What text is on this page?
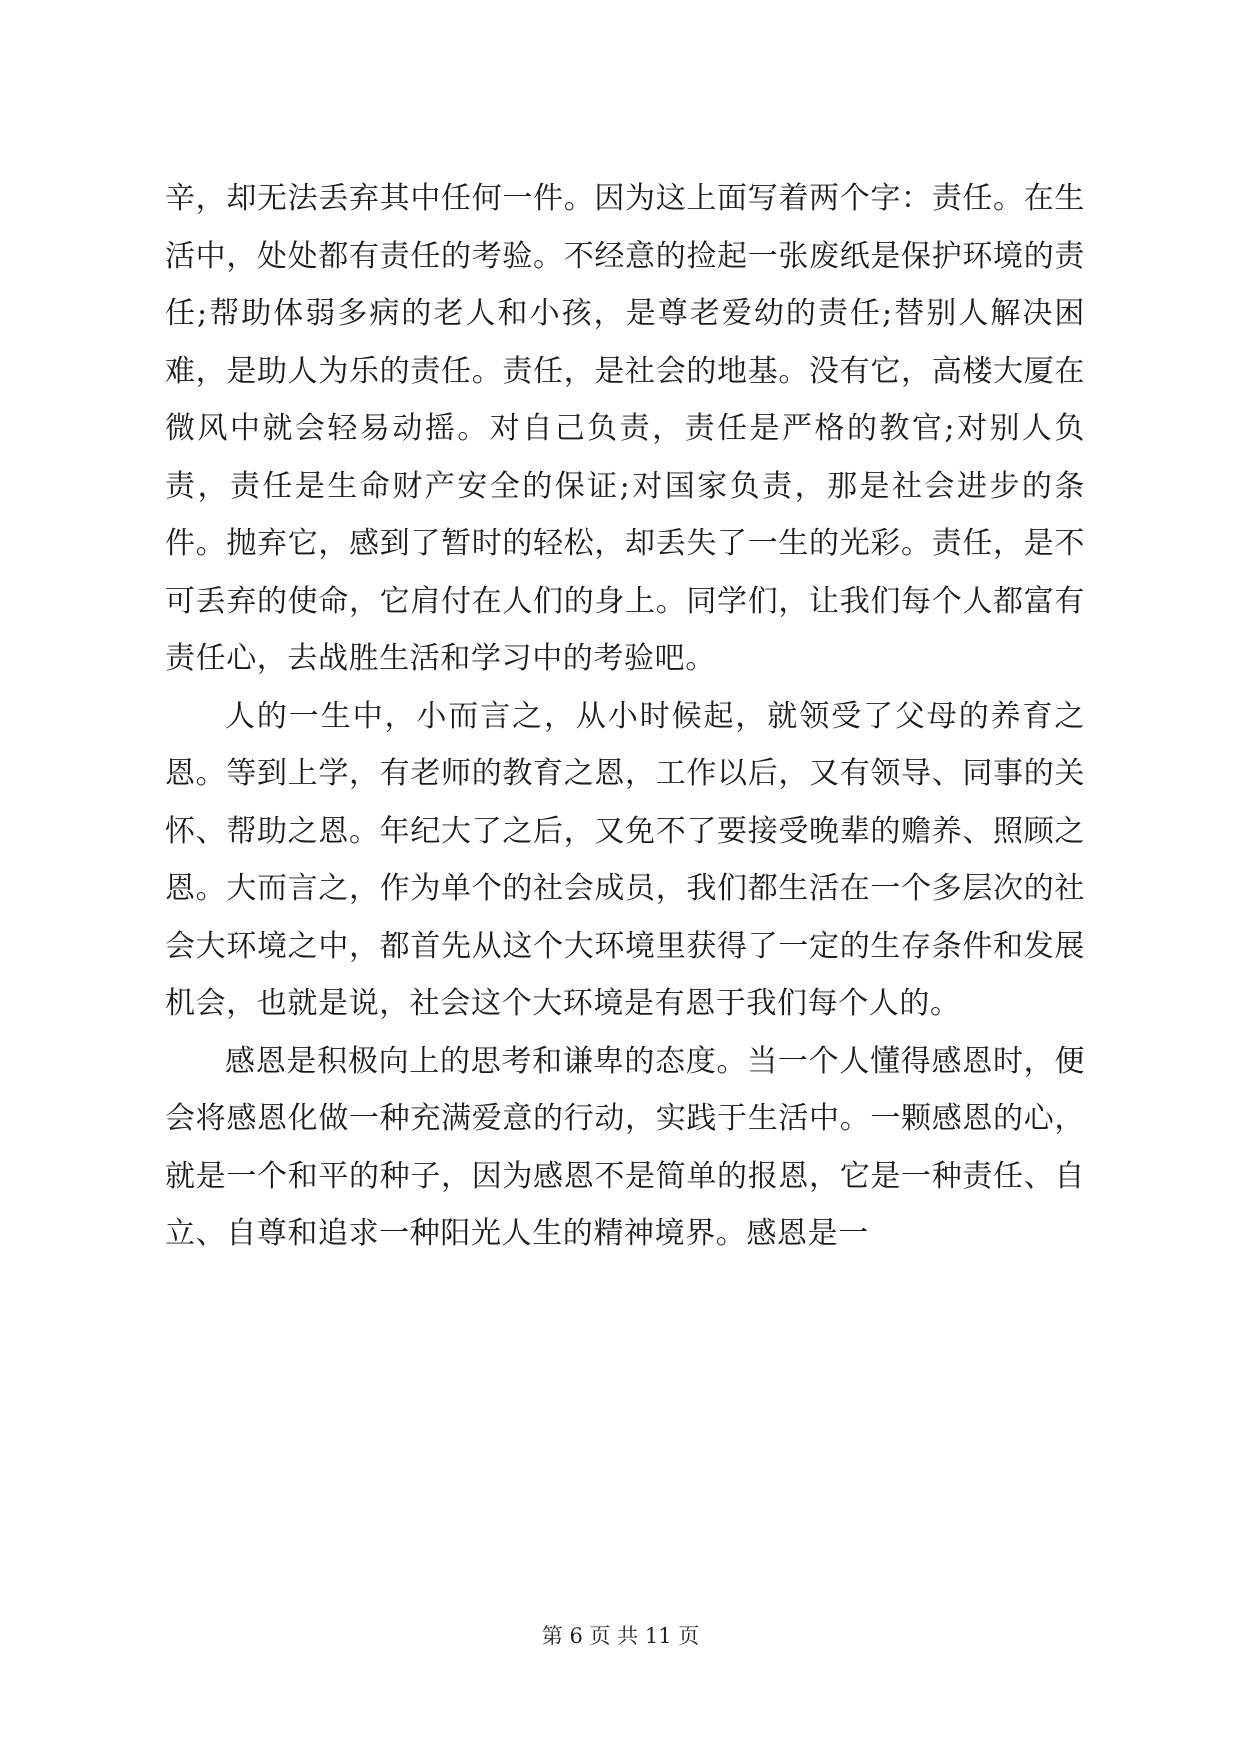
辛，却无法丢弃其中任何一件。因为这上面写着两个字：责任。在生活中，处处都有责任的考验。不经意的捡起一张废纸是保护环境的责任;帮助体弱多病的老人和小孩，是尊老爱幼的责任;替别人解决困难，是助人为乐的责任。责任，是社会的地基。没有它，高楼大厦在微风中就会轻易动摇。对自己负责，责任是严格的教官;对别人负责，责任是生命财产安全的保证;对国家负责，那是社会进步的条件。抛弃它，感到了暂时的轻松，却丢失了一生的光彩。责任，是不可丢弃的使命，它肩付在人们的身上。同学们，让我们每个人都富有责任心，去战胜生活和学习中的考验吧。

人的一生中，小而言之，从小时候起，就领受了父母的养育之恩。等到上学，有老师的教育之恩，工作以后，又有领导、同事的关怀、帮助之恩。年纪大了之后，又免不了要接受晚辈的赡养、照顾之恩。大而言之，作为单个的社会成员，我们都生活在一个多层次的社会大环境之中，都首先从这个大环境里获得了一定的生存条件和发展机会，也就是说，社会这个大环境是有恩于我们每个人的。

感恩是积极向上的思考和谦卑的态度。当一个人懂得感恩时，便会将感恩化做一种充满爱意的行动，实践于生活中。一颗感恩的心，就是一个和平的种子，因为感恩不是简单的报恩，它是一种责任、自立、自尊和追求一种阳光人生的精神境界。感恩是一

第 6 页 共 11 页
